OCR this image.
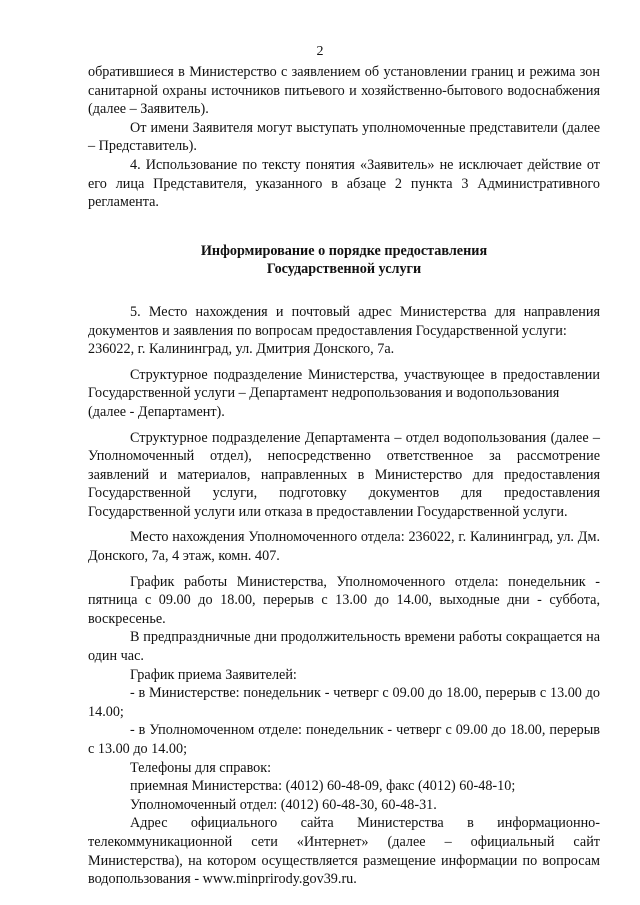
2

обратившиеся в Министерство с заявлением об установлении границ и режима зон санитарной охраны источников питьевого и хозяйственно-бытового водоснабжения (далее – Заявитель).

От имени Заявителя могут выступать уполномоченные представители (далее – Представитель).

4. Использование по тексту понятия «Заявитель» не исключает действие от его лица Представителя, указанного в абзаце 2 пункта 3 Административного регламента.

Информирование о порядке предоставления
Государственной услуги

5. Место нахождения и почтовый адрес Министерства для направления документов и заявления по вопросам предоставления Государственной услуги:

236022, г. Калининград, ул. Дмитрия Донского, 7а.

Структурное подразделение Министерства, участвующее в предоставлении Государственной услуги – Департамент недропользования и водопользования

(далее - Департамент).

Структурное подразделение Департамента – отдел водопользования (далее – Уполномоченный отдел), непосредственно ответственное за рассмотрение заявлений и материалов, направленных в Министерство для предоставления Государственной услуги, подготовку документов для предоставления Государственной услуги или отказа в предоставлении Государственной услуги.

Место нахождения Уполномоченного отдела: 236022, г. Калининград, ул. Дм. Донского, 7а, 4 этаж, комн. 407.

График работы Министерства, Уполномоченного отдела: понедельник - пятница с 09.00 до 18.00, перерыв с 13.00 до 14.00, выходные дни - суббота, воскресенье.

В предпраздничные дни продолжительность времени работы сокращается на один час.

График приема Заявителей:

- в Министерстве: понедельник - четверг с 09.00 до 18.00, перерыв с 13.00 до 14.00;

- в Уполномоченном отделе: понедельник - четверг с 09.00 до 18.00, перерыв с 13.00 до 14.00;

Телефоны для справок:

приемная Министерства: (4012) 60-48-09, факс (4012) 60-48-10;

Уполномоченный отдел: (4012) 60-48-30, 60-48-31.

Адрес официального сайта Министерства в информационно-телекоммуникационной сети «Интернет» (далее – официальный сайт Министерства), на котором осуществляется размещение информации по вопросам водопользования - www.minprirody.gov39.ru.
